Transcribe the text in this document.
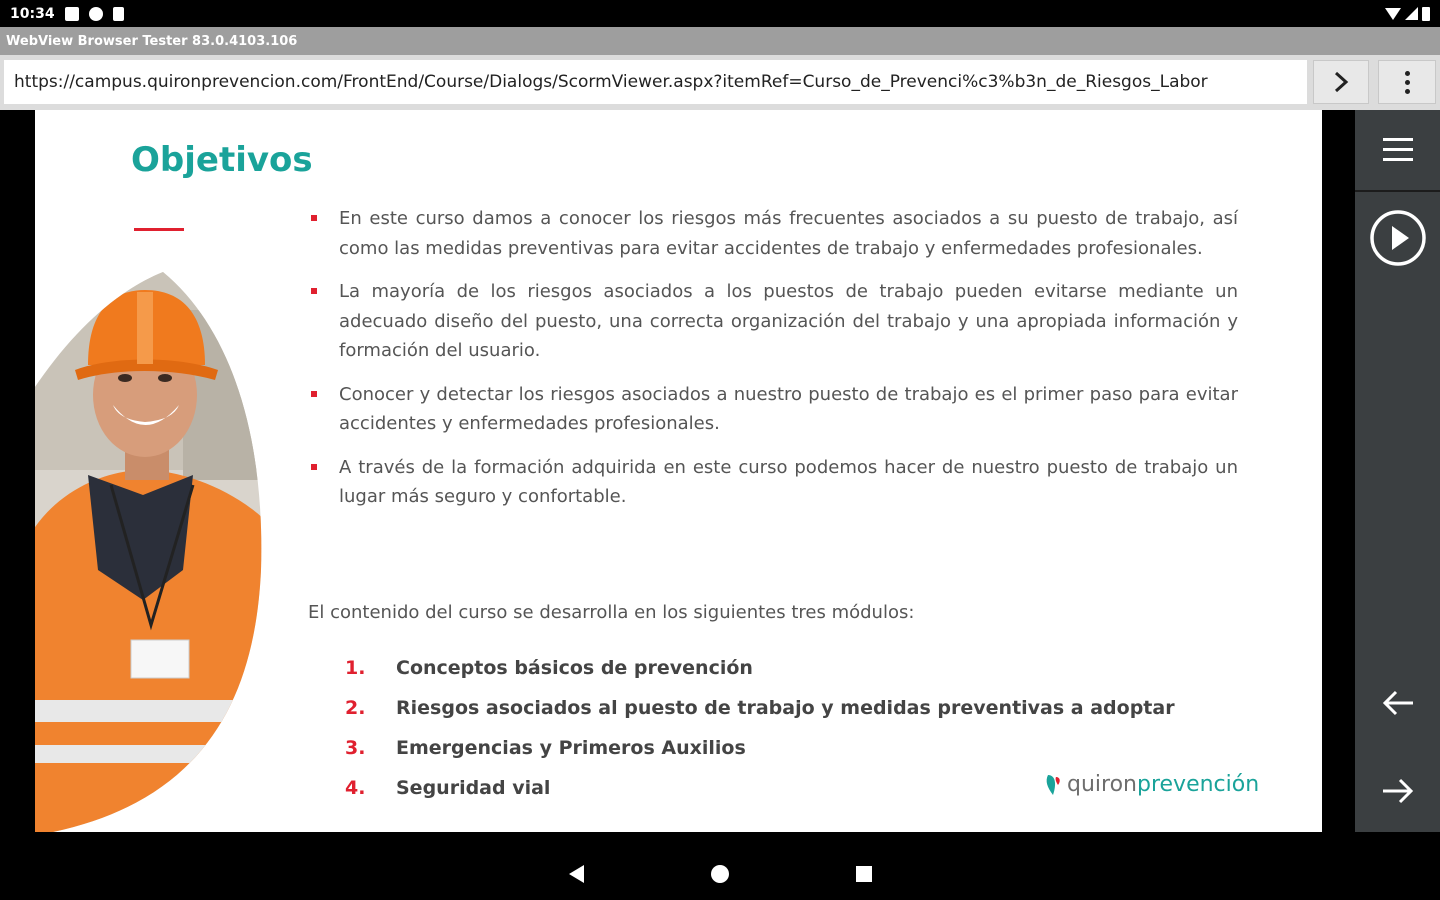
10:34
WebView Browser Tester 83.0.4103.106
https://campus.quironprevencion.com/FrontEnd/Course/Dialogs/ScormViewer.aspx?itemRef=Curso_de_Prevenci%c3%b3n_de_Riesgos_Labor
Objetivos
En este curso damos a conocer los riesgos más frecuentes asociados a su puesto de trabajo, así como las medidas preventivas para evitar accidentes de trabajo y enfermedades profesionales.
La mayoría de los riesgos asociados a los puestos de trabajo pueden evitarse mediante un adecuado diseño del puesto, una correcta organización del trabajo y una apropiada información y formación del usuario.
Conocer y detectar los riesgos asociados a nuestro puesto de trabajo es el primer paso para evitar accidentes y enfermedades profesionales.
A través de la formación adquirida en este curso podemos hacer de nuestro puesto de trabajo un lugar más seguro y confortable.
El contenido del curso se desarrolla en los siguientes tres módulos:
1.	Conceptos básicos de prevención
2.	Riesgos asociados al puesto de trabajo y medidas preventivas a adoptar
3.	Emergencias y Primeros Auxilios
4.	Seguridad vial	quiron prevención
